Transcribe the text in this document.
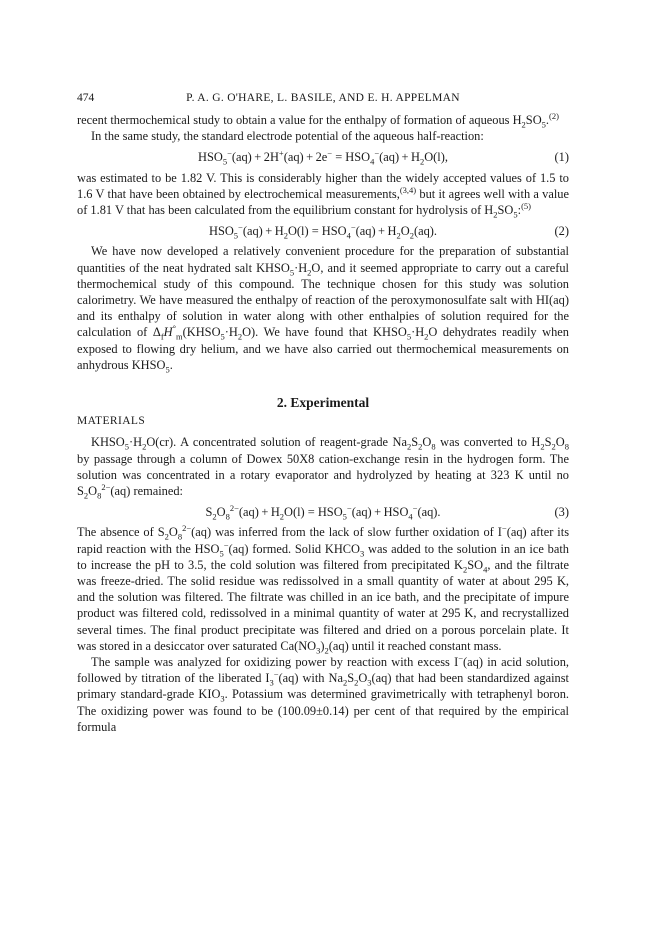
474	P. A. G. O'HARE, L. BASILE, AND E. H. APPELMAN

recent thermochemical study to obtain a value for the enthalpy of formation of aqueous $H_2SO_5.^{(2)}$

In the same study, the standard electrode potential of the aqueous half-reaction:

$HSO_5^-(aq) + 2H^+(aq) + 2e^- = HSO_4^-(aq) + H_2O(l)$,	(1)

was estimated to be 1.82 V. This is considerably higher than the widely accepted values of 1.5 to 1.6 V that have been obtained by electrochemical measurements,$^{(3,4)}$ but it agrees well with a value of 1.81 V that has been calculated from the equilibrium constant for hydrolysis of $H_2SO_5:^{(5)}$

$HSO_5^-(aq) + H_2O(l) = HSO_4^-(aq) + H_2O_2(aq)$.	(2)

We have now developed a relatively convenient procedure for the preparation of substantial quantities of the neat hydrated salt $KHSO_5\cdot H_2O$, and it seemed appropriate to carry out a careful thermochemical study of this compound. The technique chosen for this study was solution calorimetry. We have measured the enthalpy of reaction of the peroxymonosulfate salt with HI(aq) and its enthalpy of solution in water along with other enthalpies of solution required for the calculation of $\Delta_fH^\circ_m(KHSO_5\cdot H_2O)$. We have found that $KHSO_5\cdot H_2O$ dehydrates readily when exposed to flowing dry helium, and we have also carried out thermochemical measurements on anhydrous $KHSO_5$.

2. Experimental
MATERIALS

$KHSO_5\cdot H_2O(cr)$. A concentrated solution of reagent-grade $Na_2S_2O_8$ was converted to $H_2S_2O_8$ by passage through a column of Dowex 50X8 cation-exchange resin in the hydrogen form. The solution was concentrated in a rotary evaporator and hydrolyzed by heating at 323 K until no $S_2O_8^{2-}(aq)$ remained:

$S_2O_8^{2-}(aq) + H_2O(l) = HSO_5^-(aq) + HSO_4^-(aq)$.	(3)

The absence of $S_2O_8^{2-}(aq)$ was inferred from the lack of slow further oxidation of I−(aq) after its rapid reaction with the $HSO_5^-(aq)$ formed. Solid $KHCO_3$ was added to the solution in an ice bath to increase the pH to 3.5, the cold solution was filtered from precipitated $K_2SO_4$, and the filtrate was freeze-dried. The solid residue was redissolved in a small quantity of water at about 295 K, and the solution was filtered. The filtrate was chilled in an ice bath, and the precipitate of impure product was filtered cold, redissolved in a minimal quantity of water at 295 K, and recrystallized several times. The final product precipitate was filtered and dried on a porous porcelain plate. It was stored in a desiccator over saturated $Ca(NO_3)_2(aq)$ until it reached constant mass.

The sample was analyzed for oxidizing power by reaction with excess I−(aq) in acid solution, followed by titration of the liberated $I_3^-(aq)$ with $Na_2S_2O_3(aq)$ that had been standardized against primary standard-grade $KIO_3$. Potassium was determined gravimetrically with tetraphenyl boron. The oxidizing power was found to be (100.09±0.14) per cent of that required by the empirical formula
